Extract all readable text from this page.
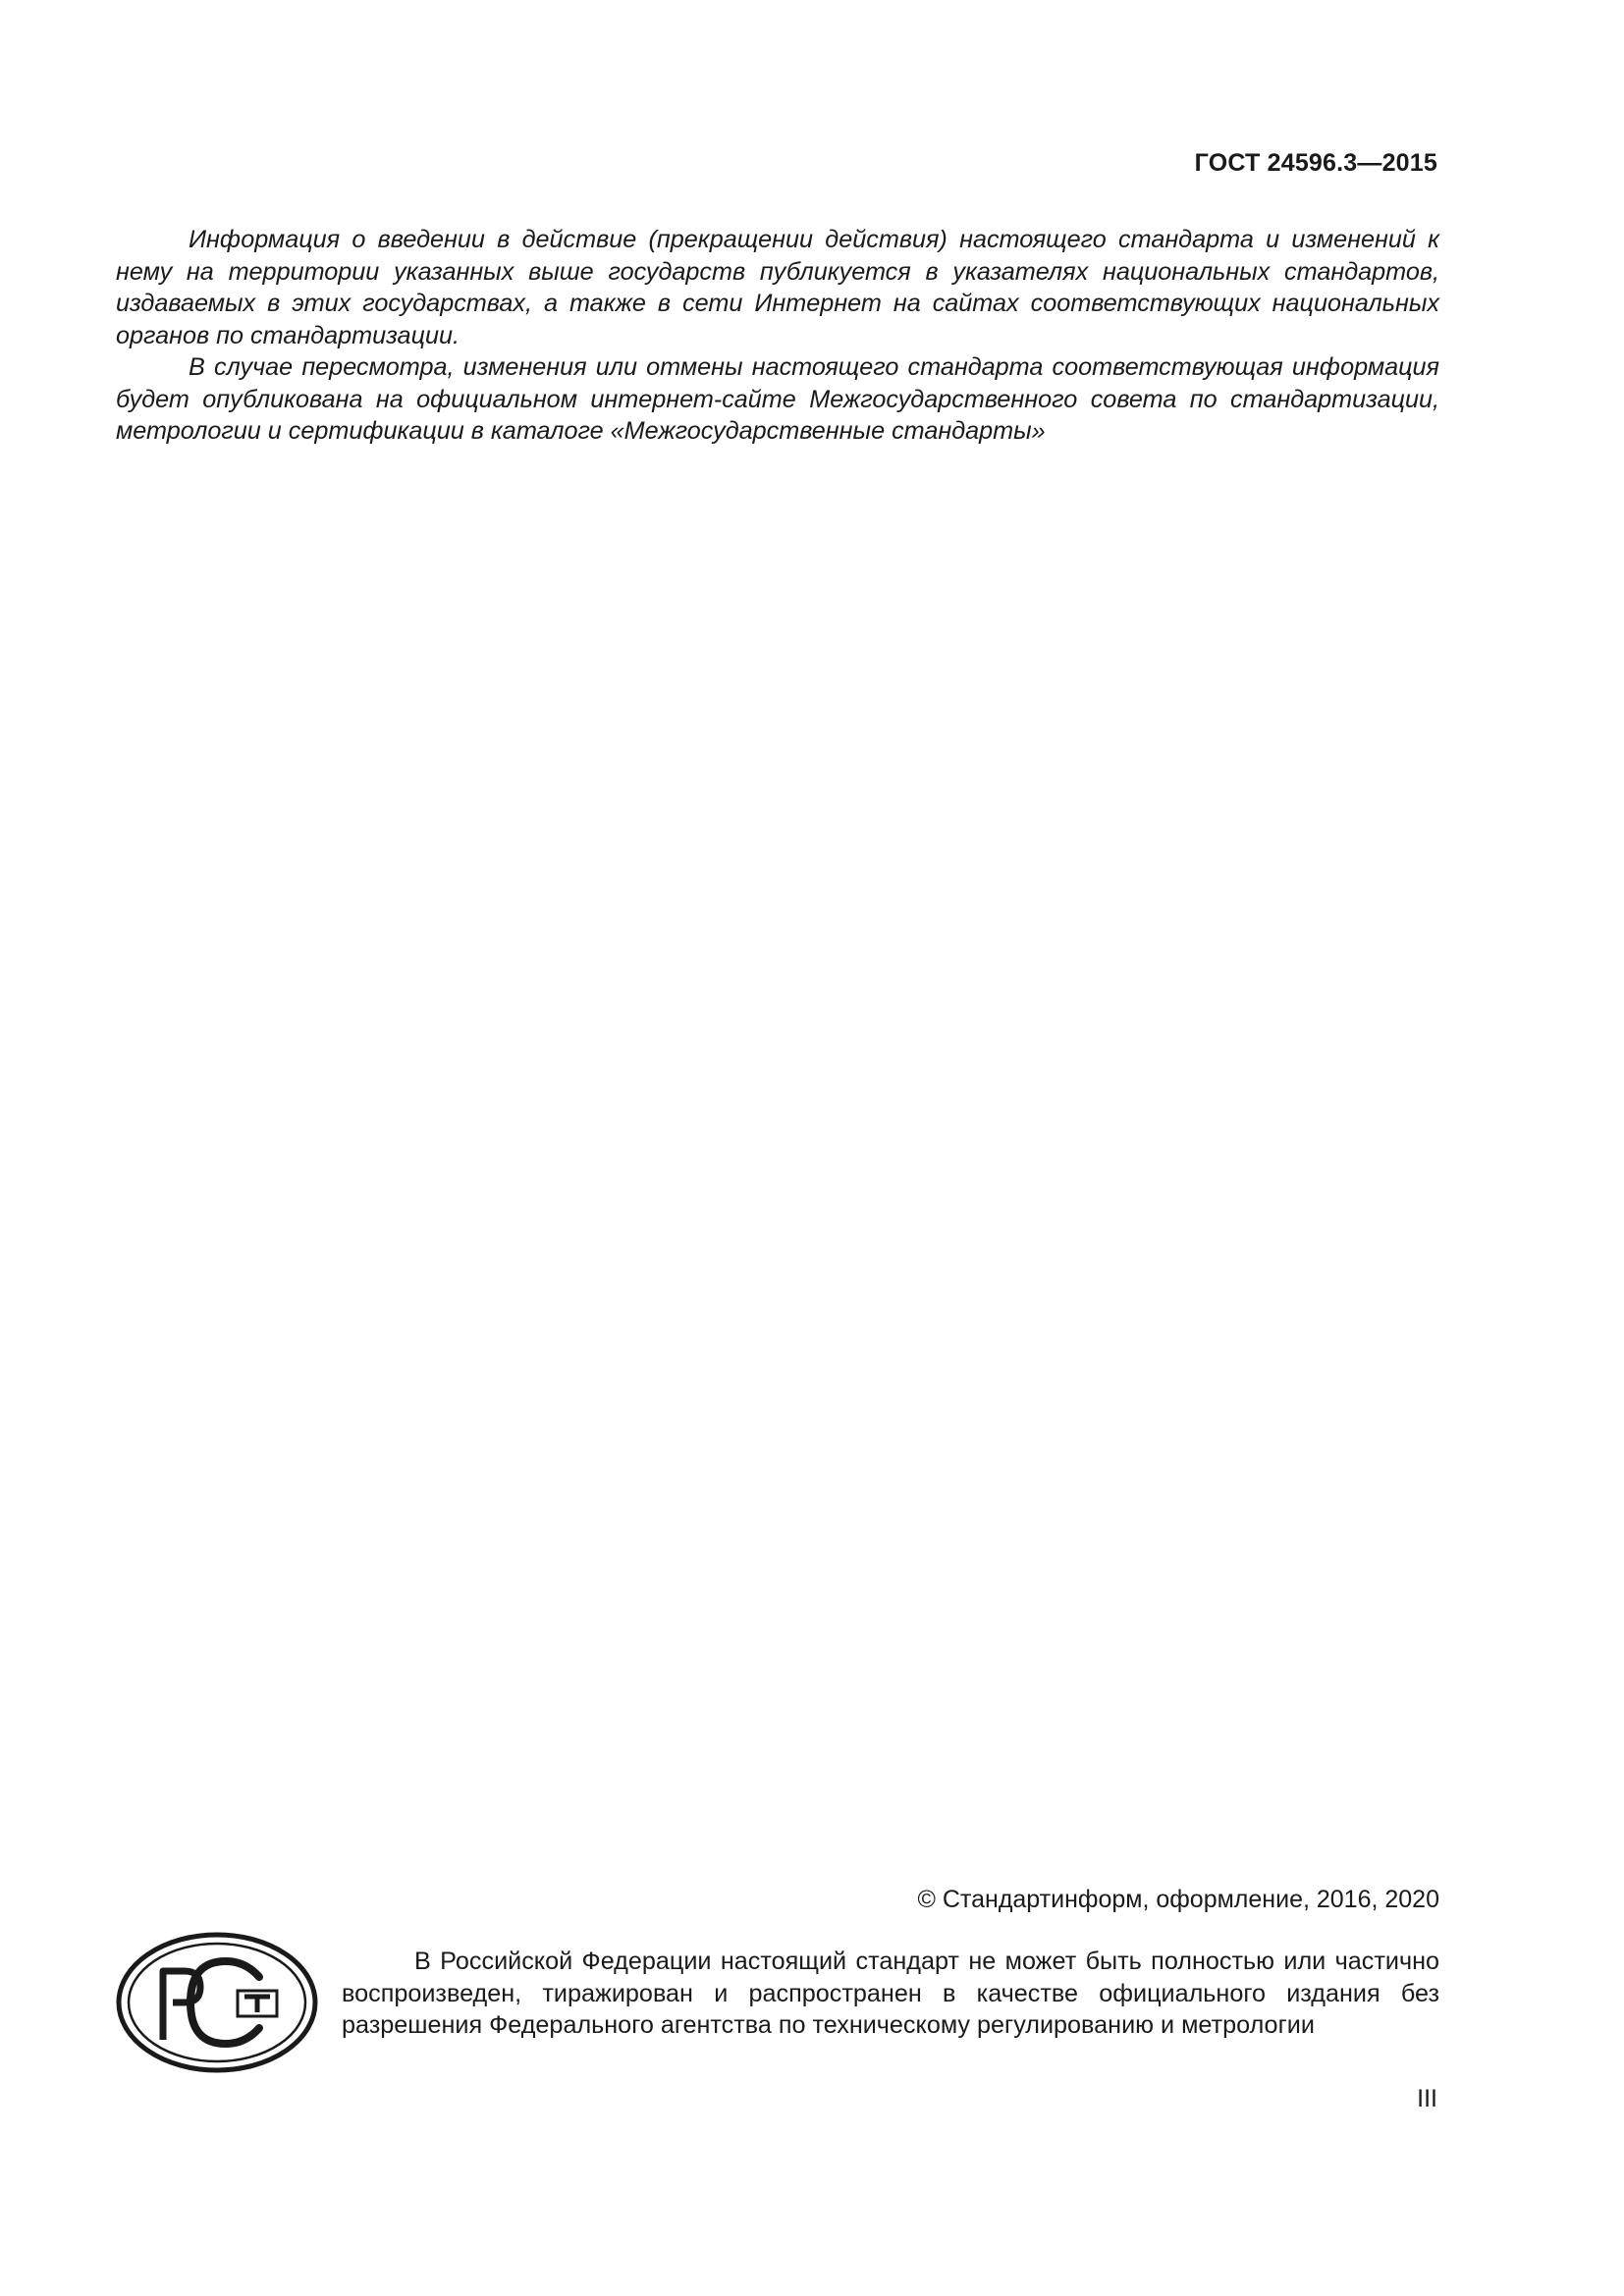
ГОСТ 24596.3—2015

Информация о введении в действие (прекращении действия) настоящего стандарта и изменений к нему на территории указанных выше государств публикуется в указателях национальных стандартов, издаваемых в этих государствах, а также в сети Интернет на сайтах соответствующих национальных органов по стандартизации.

В случае пересмотра, изменения или отмены настоящего стандарта соответствующая информация будет опубликована на официальном интернет-сайте Межгосударственного совета по стандартизации, метрологии и сертификации в каталоге «Межгосударственные стандарты»

© Стандартинформ, оформление, 2016, 2020

В Российской Федерации настоящий стандарт не может быть полностью или частично воспроизведен, тиражирован и распространен в качестве официального издания без разрешения Федерального агентства по техническому регулированию и метрологии

III
